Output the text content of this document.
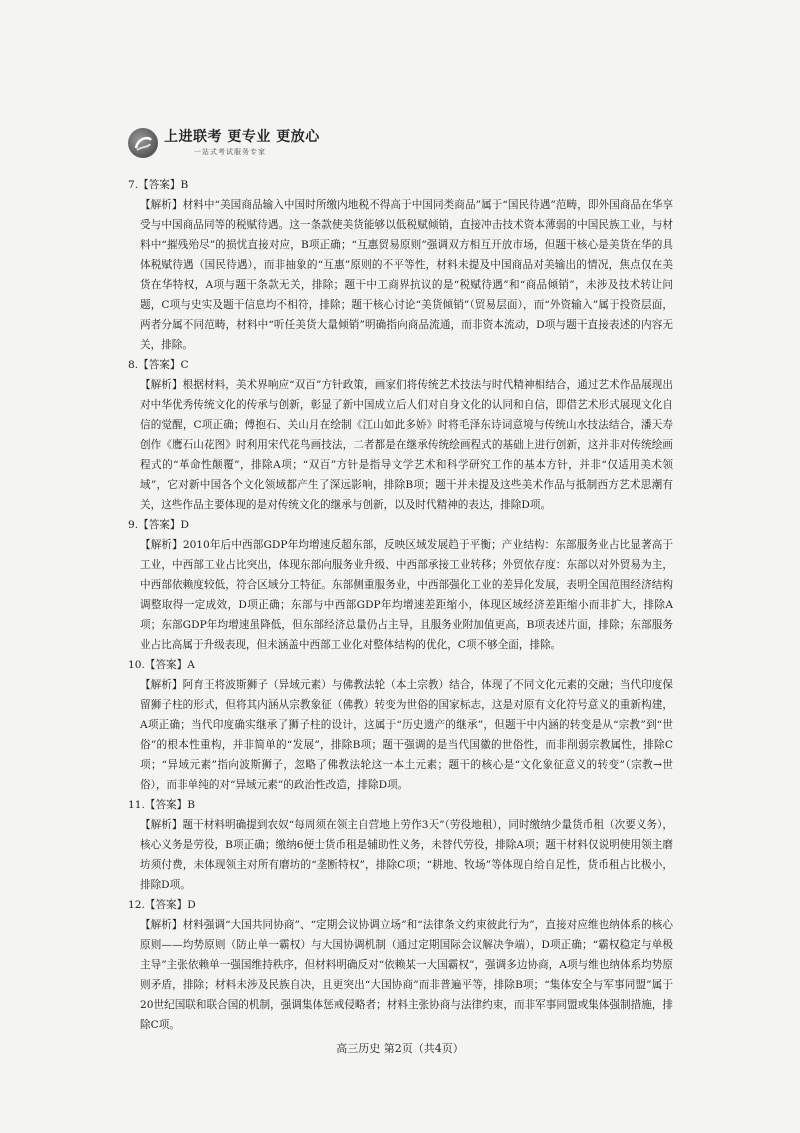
上进联考 更专业 更放心
一站式考试服务专家

7.【答案】B

【解析】材料中“美国商品输入中国时所缴内地税不得高于中国同类商品”属于“国民待遇”范畴，即外国商品在华享受与中国商品同等的税赋待遇。这一条款使美货能够以低税赋倾销，直接冲击技术资本薄弱的中国民族工业，与材料中“摧残殆尽”的损忧直接对应，B项正确；“互惠贸易原则”强调双方相互开放市场，但题干核心是美货在华的具体税赋待遇（国民待遇），而非抽象的“互惠”原则的不平等性，材料未提及中国商品对美输出的情况，焦点仅在美货在华特权，A项与题干条款无关，排除；题干中工商界抗议的是“税赋待遇”和“商品倾销”，未涉及技术转让问题，C项与史实及题干信息均不相符，排除；题干核心讨论“美货倾销”（贸易层面），而“外资输入”属于投资层面，两者分属不同范畴，材料中“听任美货大量倾销”明确指向商品流通，而非资本流动，D项与题干直接表述的内容无关，排除。

8.【答案】C

【解析】根据材料，美术界响应“双百”方针政策，画家们将传统艺术技法与时代精神相结合，通过艺术作品展现出对中华优秀传统文化的传承与创新，彰显了新中国成立后人们对自身文化的认同和自信，即借艺术形式展现文化自信的觉醒，C项正确；傅抱石、关山月在绘制《江山如此多娇》时将毛泽东诗词意境与传统山水技法结合，潘天寿创作《鹰石山花图》时利用宋代花鸟画技法，二者都是在继承传统绘画程式的基础上进行创新，这并非对传统绘画程式的“革命性颠覆”，排除A项；“双百”方针是指导文学艺术和科学研究工作的基本方针，并非“仅适用美术领域”，它对新中国各个文化领域都产生了深远影响，排除B项；题干并未提及这些美术作品与抵制西方艺术思潮有关，这些作品主要体现的是对传统文化的继承与创新，以及时代精神的表达，排除D项。

9.【答案】D

【解析】2010年后中西部GDP年均增速反超东部，反映区域发展趋于平衡；产业结构：东部服务业占比显著高于工业，中西部工业占比突出，体现东部向服务业升级、中西部承接工业转移；外贸依存度：东部以对外贸易为主，中西部依赖度较低，符合区域分工特征。东部侧重服务业，中西部强化工业的差异化发展，表明全国范围经济结构调整取得一定成效，D项正确；东部与中西部GDP年均增速差距缩小，体现区域经济差距缩小而非扩大，排除A项；东部GDP年均增速虽降低，但东部经济总量仍占主导，且服务业附加值更高，B项表述片面，排除；东部服务业占比高属于升级表现，但未涵盖中西部工业化对整体结构的优化，C项不够全面，排除。

10.【答案】A

【解析】阿育王将波斯狮子（异域元素）与佛教法轮（本土宗教）结合，体现了不同文化元素的交融；当代印度保留狮子柱的形式，但将其内涵从宗教象征（佛教）转变为世俗的国家标志，这是对原有文化符号意义的重新构建，A项正确；当代印度确实继承了狮子柱的设计，这属于“历史遗产的继承”，但题干中内涵的转变是从“宗教”到“世俗”的根本性重构，并非简单的“发展”，排除B项；题干强调的是当代国徽的世俗性，而非削弱宗教属性，排除C项；“异域元素”指向波斯狮子，忽略了佛教法轮这一本土元素；题干的核心是“文化象征意义的转变”（宗教→世俗），而非单纯的对“异域元素”的政治性改造，排除D项。

11.【答案】B

【解析】题干材料明确提到农奴“每周须在领主自营地上劳作3天”（劳役地租），同时缴纳少量货币租（次要义务），核心义务是劳役，B项正确；缴纳6便士货币租是辅助性义务，未替代劳役，排除A项；题干材料仅说明使用领主磨坊须付费，未体现领主对所有磨坊的“垄断特权”，排除C项；“耕地、牧场”等体现自给自足性，货币租占比极小，排除D项。

12.【答案】D

【解析】材料强调“大国共同协商”、“定期会议协调立场”和“法律条文约束彼此行为”，直接对应维也纳体系的核心原则——均势原则（防止单一霸权）与大国协调机制（通过定期国际会议解决争端），D项正确；“霸权稳定与单极主导”主张依赖单一强国维持秩序，但材料明确反对“依赖某一大国霸权”，强调多边协商，A项与维也纳体系均势原则矛盾，排除；材料未涉及民族自决，且更突出“大国协商”而非普遍平等，排除B项；“集体安全与军事同盟”属于20世纪国联和联合国的机制，强调集体惩戒侵略者；材料主张协商与法律约束，而非军事同盟或集体强制措施，排除C项。

高三历史 第2页（共4页）
